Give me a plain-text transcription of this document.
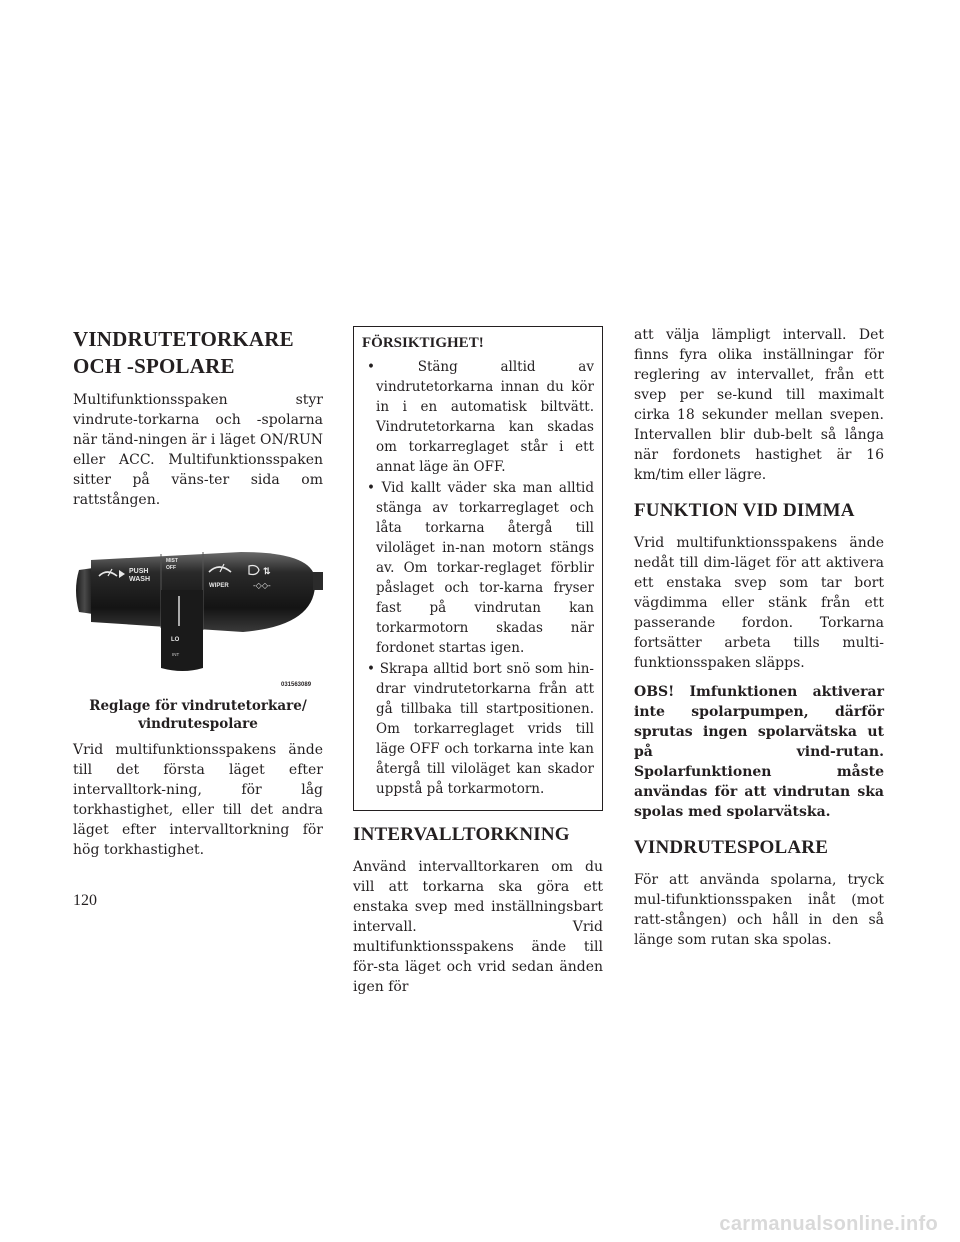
VINDRUTETORKARE
OCH -SPOLARE

Multifunktionsspaken styr vindrute-torkarna och -spolarna när tänd-ningen är i läget ON/RUN eller ACC. Multifunktionsspaken sitter på väns-ter sida om rattstången.

PUSH
WASH
MIST
OFF
WIPER
⇅
-◇◇-
LO
INT
031563089
Reglage för vindrutetorkare/
vindrutespolare

Vrid multifunktionsspakens ände till det första läget efter intervalltork-ning, för låg torkhastighet, eller till det andra läget efter intervalltorkning för hög torkhastighet.

FÖRSIKTIGHET!
• Stäng alltid av vindrutetorkarna innan du kör in i en automatisk biltvätt. Vindrutetorkarna kan skadas om torkarreglaget står i ett annat läge än OFF.
• Vid kallt väder ska man alltid stänga av torkarreglaget och låta torkarna återgå till viloläget in-nan motorn stängs av. Om torkar-reglaget förblir påslaget och tor-karna fryser fast på vindrutan kan torkarmotorn skadas när fordonet startas igen.
• Skrapa alltid bort snö som hin-drar vindrutetorkarna från att gå tillbaka till startpositionen. Om torkarreglaget vrids till läge OFF och torkarna inte kan återgå till viloläget kan skador uppstå på torkarmotorn.
INTERVALLTORKNING

Använd intervalltorkaren om du vill att torkarna ska göra ett enstaka svep med inställningsbart intervall. Vrid multifunktionsspakens ände till för-sta läget och vrid sedan änden igen för

att välja lämpligt intervall. Det finns fyra olika inställningar för reglering av intervallet, från ett svep per se-kund till maximalt cirka 18 sekunder mellan svepen. Intervallen blir dub-belt så långa när fordonets hastighet är 16 km/tim eller lägre.

FUNKTION VID DIMMA

Vrid multifunktionsspakens ände nedåt till dim-läget för att aktivera ett enstaka svep som tar bort vägdimma eller stänk från ett passerande fordon. Torkarna fortsätter arbeta tills multi-funktionsspaken släpps.

OBS! Imfunktionen aktiverar inte spolarpumpen, därför sprutas ingen spolarvätska ut på vind-rutan. Spolarfunktionen måste användas för att vindrutan ska spolas med spolarvätska.

VINDRUTESPOLARE

För att använda spolarna, tryck mul-tifunktionsspaken inåt (mot ratt-stången) och håll in den så länge som rutan ska spolas.

120
carmanualsonline.info
